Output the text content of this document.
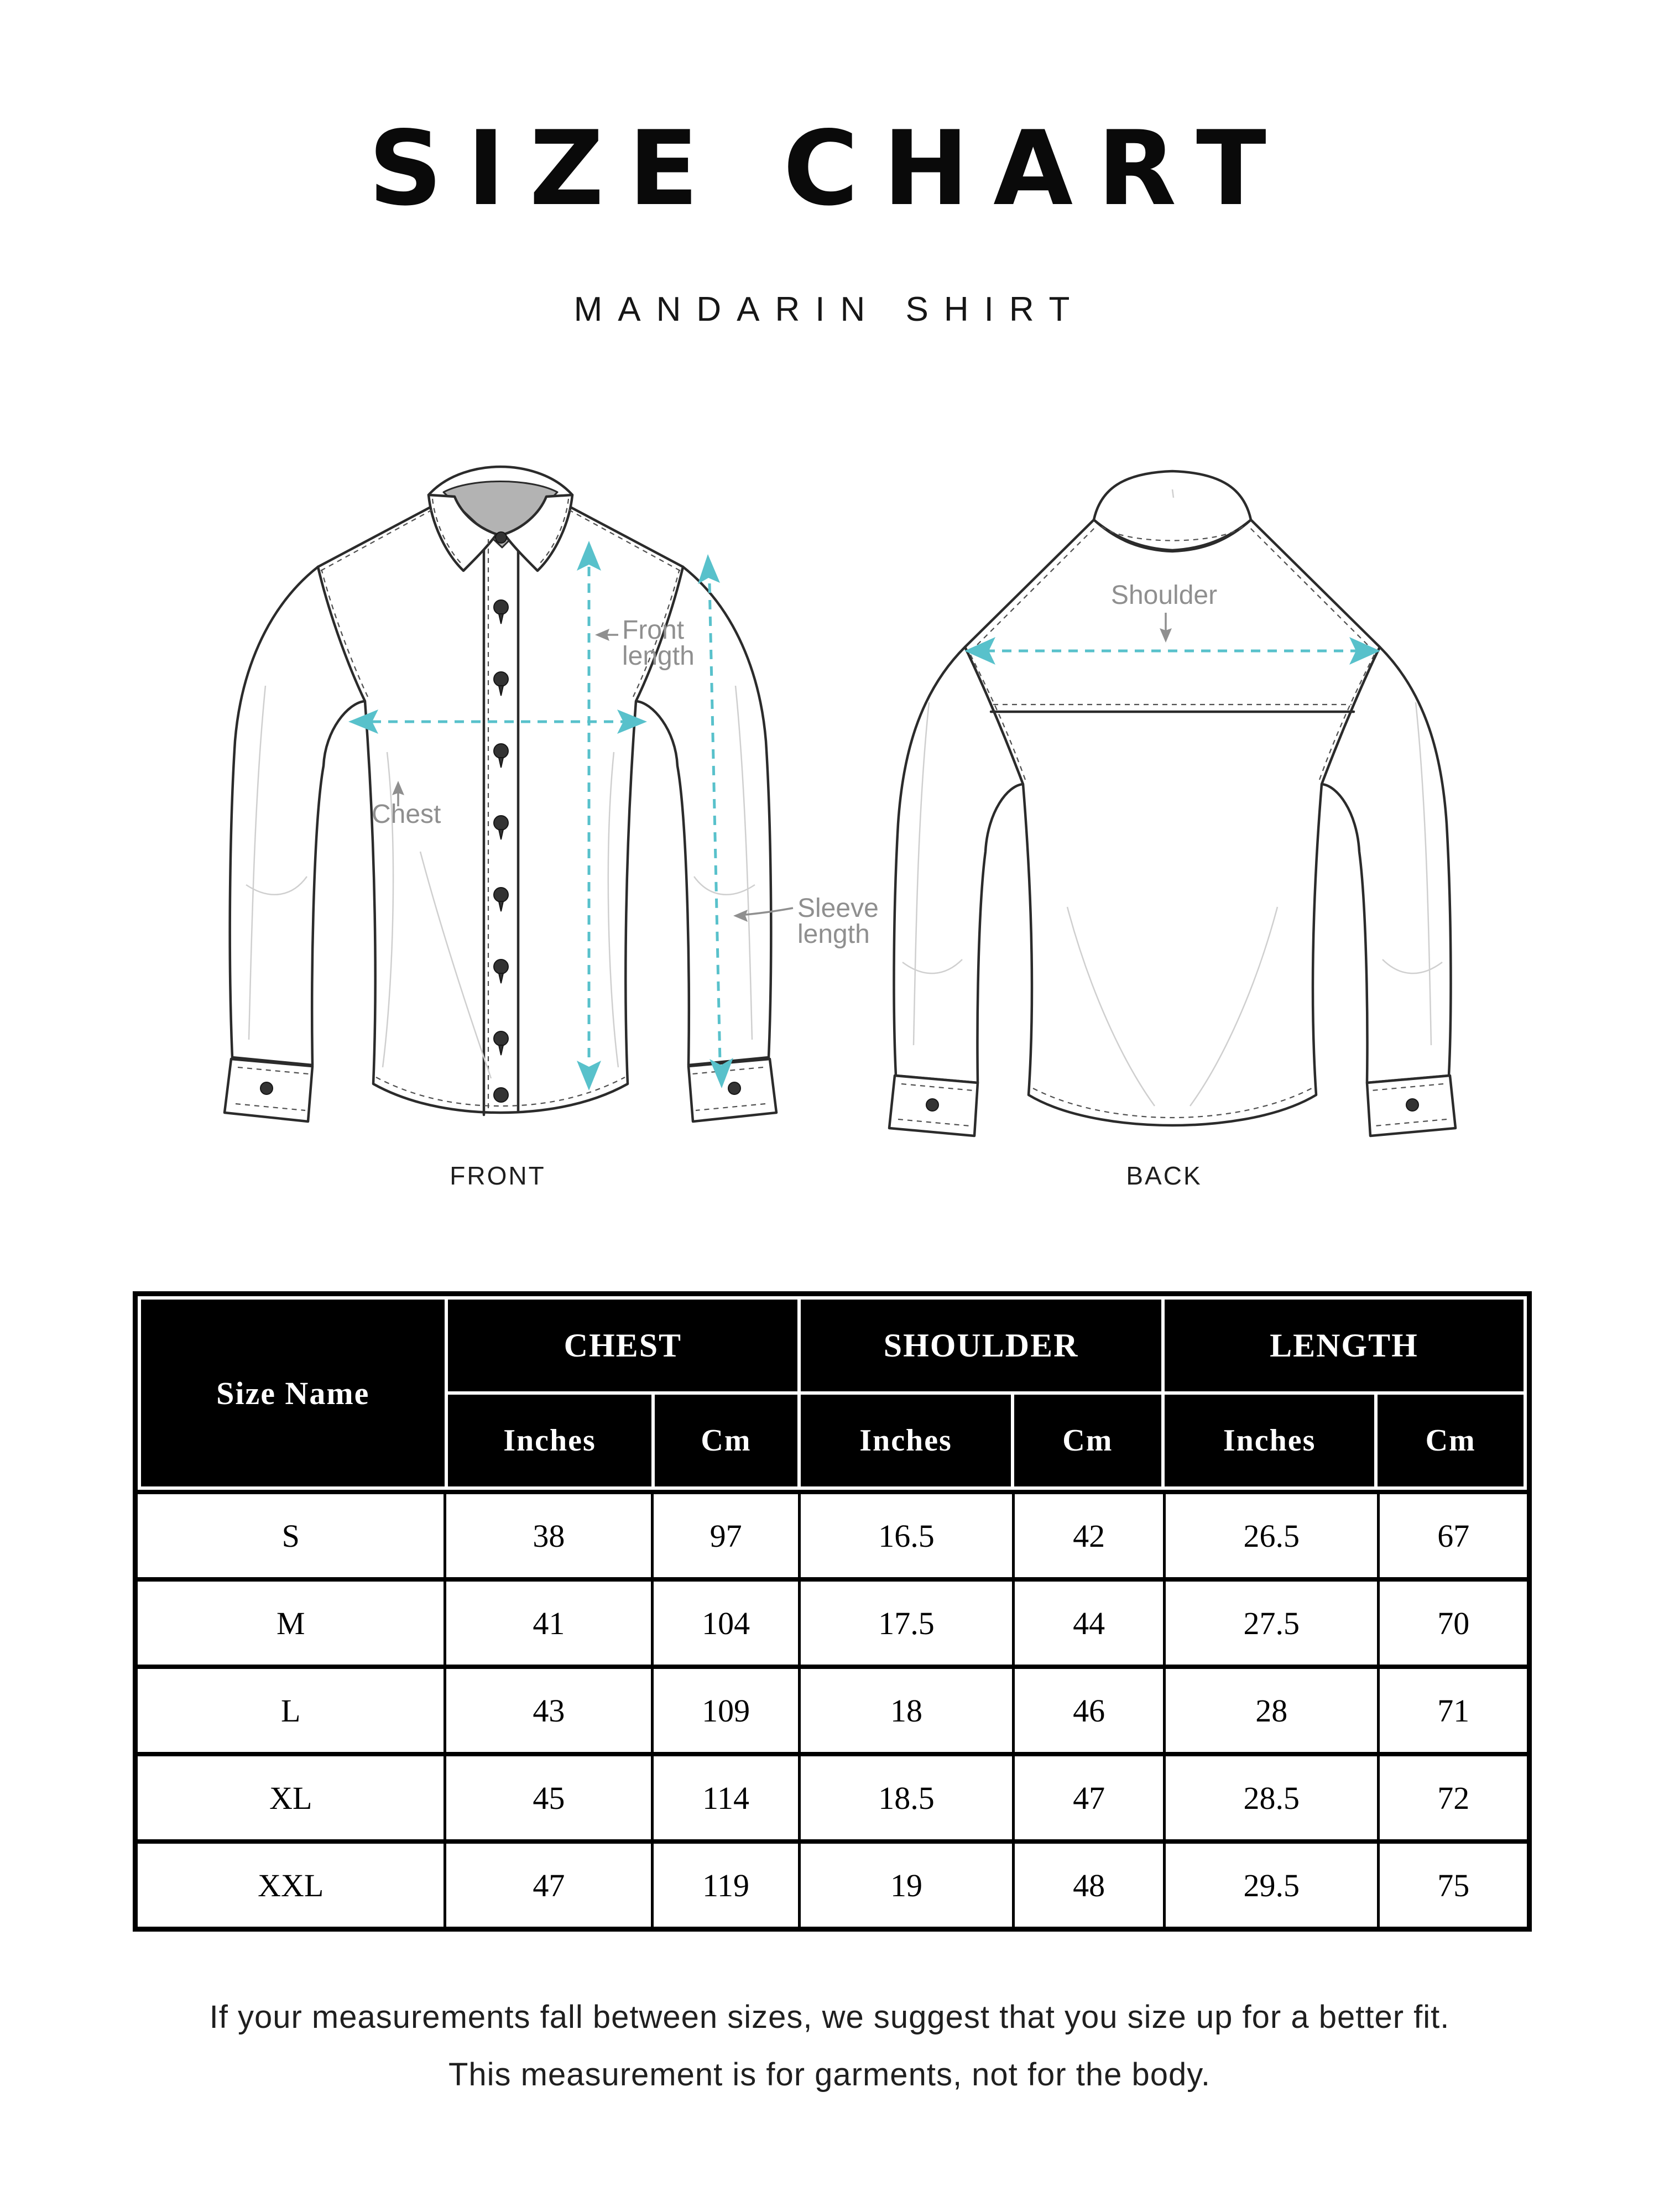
SIZE CHART
MANDARIN SHIRT
Front
length
Chest
Sleeve
length
Shoulder
FRONT	BACK
Size Name
CHEST	SHOULDER	LENGTH
Inches	Cm	Inches	Cm	Inches	Cm
S	38	97	16.5	42	26.5	67
M	41	104	17.5	44	27.5	70
L	43	109	18	46	28	71
XL	45	114	18.5	47	28.5	72
XXL	47	119	19	48	29.5	75

If your measurements fall between sizes, we suggest that you size up for a better fit.

This measurement is for garments, not for the body.
